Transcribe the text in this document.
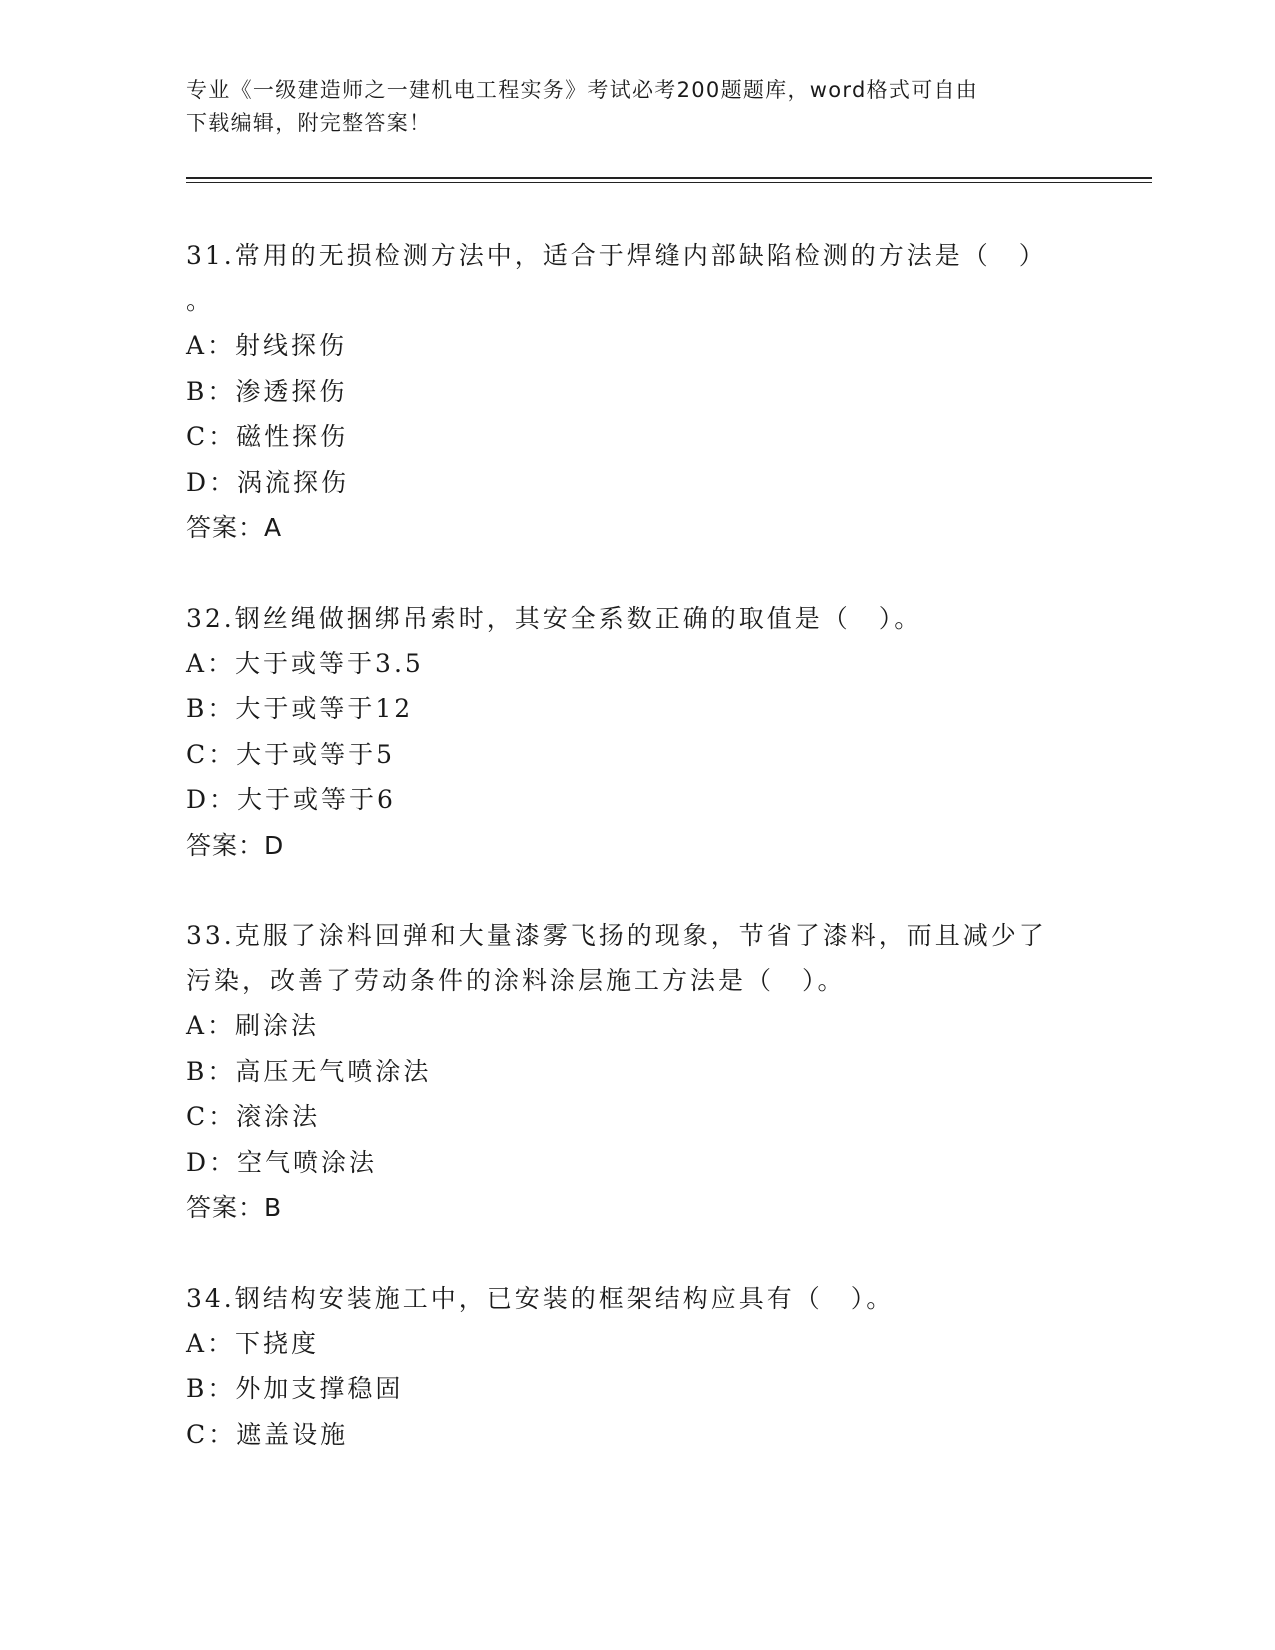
专业《一级建造师之一建机电工程实务》考试必考200题题库，word格式可自由
下载编辑，附完整答案！

31.常用的无损检测方法中，适合于焊缝内部缺陷检测的方法是（　）

。

A：射线探伤
B：渗透探伤
C：磁性探伤
D：涡流探伤
答案：A

32.钢丝绳做捆绑吊索时，其安全系数正确的取值是（　）。

A：大于或等于3.5
B：大于或等于12
C：大于或等于5
D：大于或等于6
答案：D

33.克服了涂料回弹和大量漆雾飞扬的现象，节省了漆料，而且减少了

污染，改善了劳动条件的涂料涂层施工方法是（　）。

A：刷涂法
B：高压无气喷涂法
C：滚涂法
D：空气喷涂法
答案：B

34.钢结构安装施工中，已安装的框架结构应具有（　）。

A：下挠度
B：外加支撑稳固
C：遮盖设施
